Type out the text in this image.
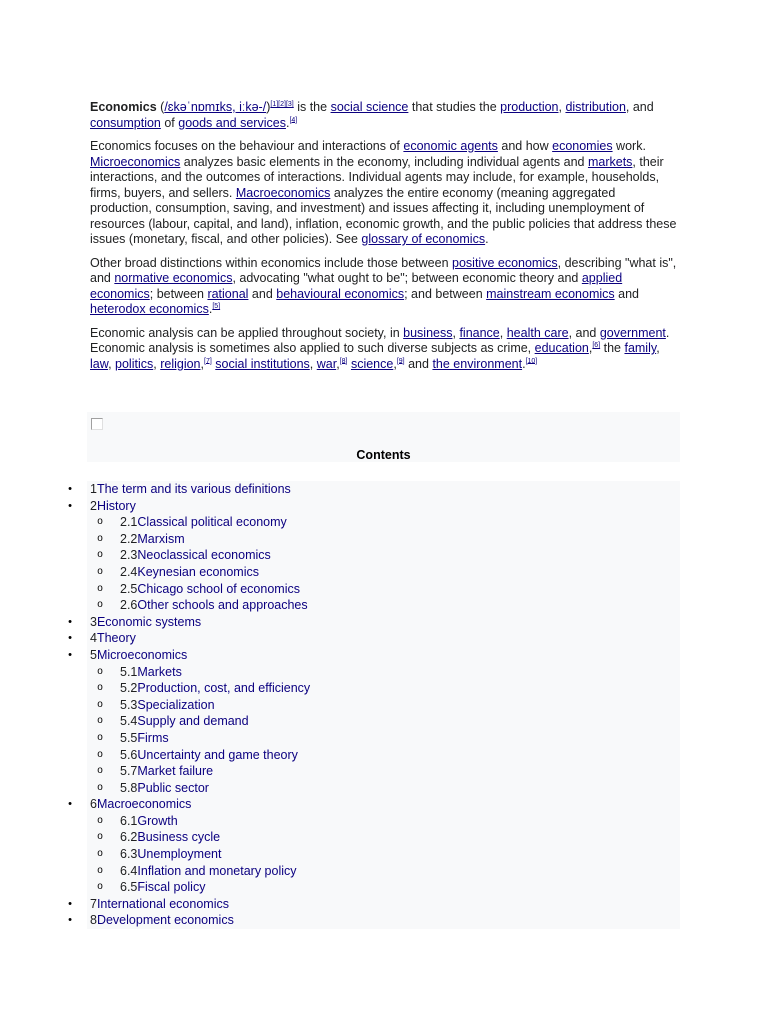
Economics (/ɛkəˈnɒmɪks, iːkə-/)[1][2][3] is the social science that studies the production, distribution, and consumption of goods and services.[4]

Economics focuses on the behaviour and interactions of economic agents and how economies work. Microeconomics analyzes basic elements in the economy, including individual agents and markets, their interactions, and the outcomes of interactions. Individual agents may include, for example, households, firms, buyers, and sellers. Macroeconomics analyzes the entire economy (meaning aggregated production, consumption, saving, and investment) and issues affecting it, including unemployment of resources (labour, capital, and land), inflation, economic growth, and the public policies that address these issues (monetary, fiscal, and other policies). See glossary of economics.

Other broad distinctions within economics include those between positive economics, describing "what is", and normative economics, advocating "what ought to be"; between economic theory and applied economics; between rational and behavioural economics; and between mainstream economics and heterodox economics.[5]

Economic analysis can be applied throughout society, in business, finance, health care, and government. Economic analysis is sometimes also applied to such diverse subjects as crime, education,[6] the family, law, politics, religion,[7] social institutions, war,[8] science,[9] and the environment.[10]

Contents
• 1The term and its various definitions
• 2History
o 2.1Classical political economy
o 2.2Marxism
o 2.3Neoclassical economics
o 2.4Keynesian economics
o 2.5Chicago school of economics
o 2.6Other schools and approaches
• 3Economic systems
• 4Theory
• 5Microeconomics
o 5.1Markets
o 5.2Production, cost, and efficiency
o 5.3Specialization
o 5.4Supply and demand
o 5.5Firms
o 5.6Uncertainty and game theory
o 5.7Market failure
o 5.8Public sector
• 6Macroeconomics
o 6.1Growth
o 6.2Business cycle
o 6.3Unemployment
o 6.4Inflation and monetary policy
o 6.5Fiscal policy
• 7International economics
• 8Development economics
